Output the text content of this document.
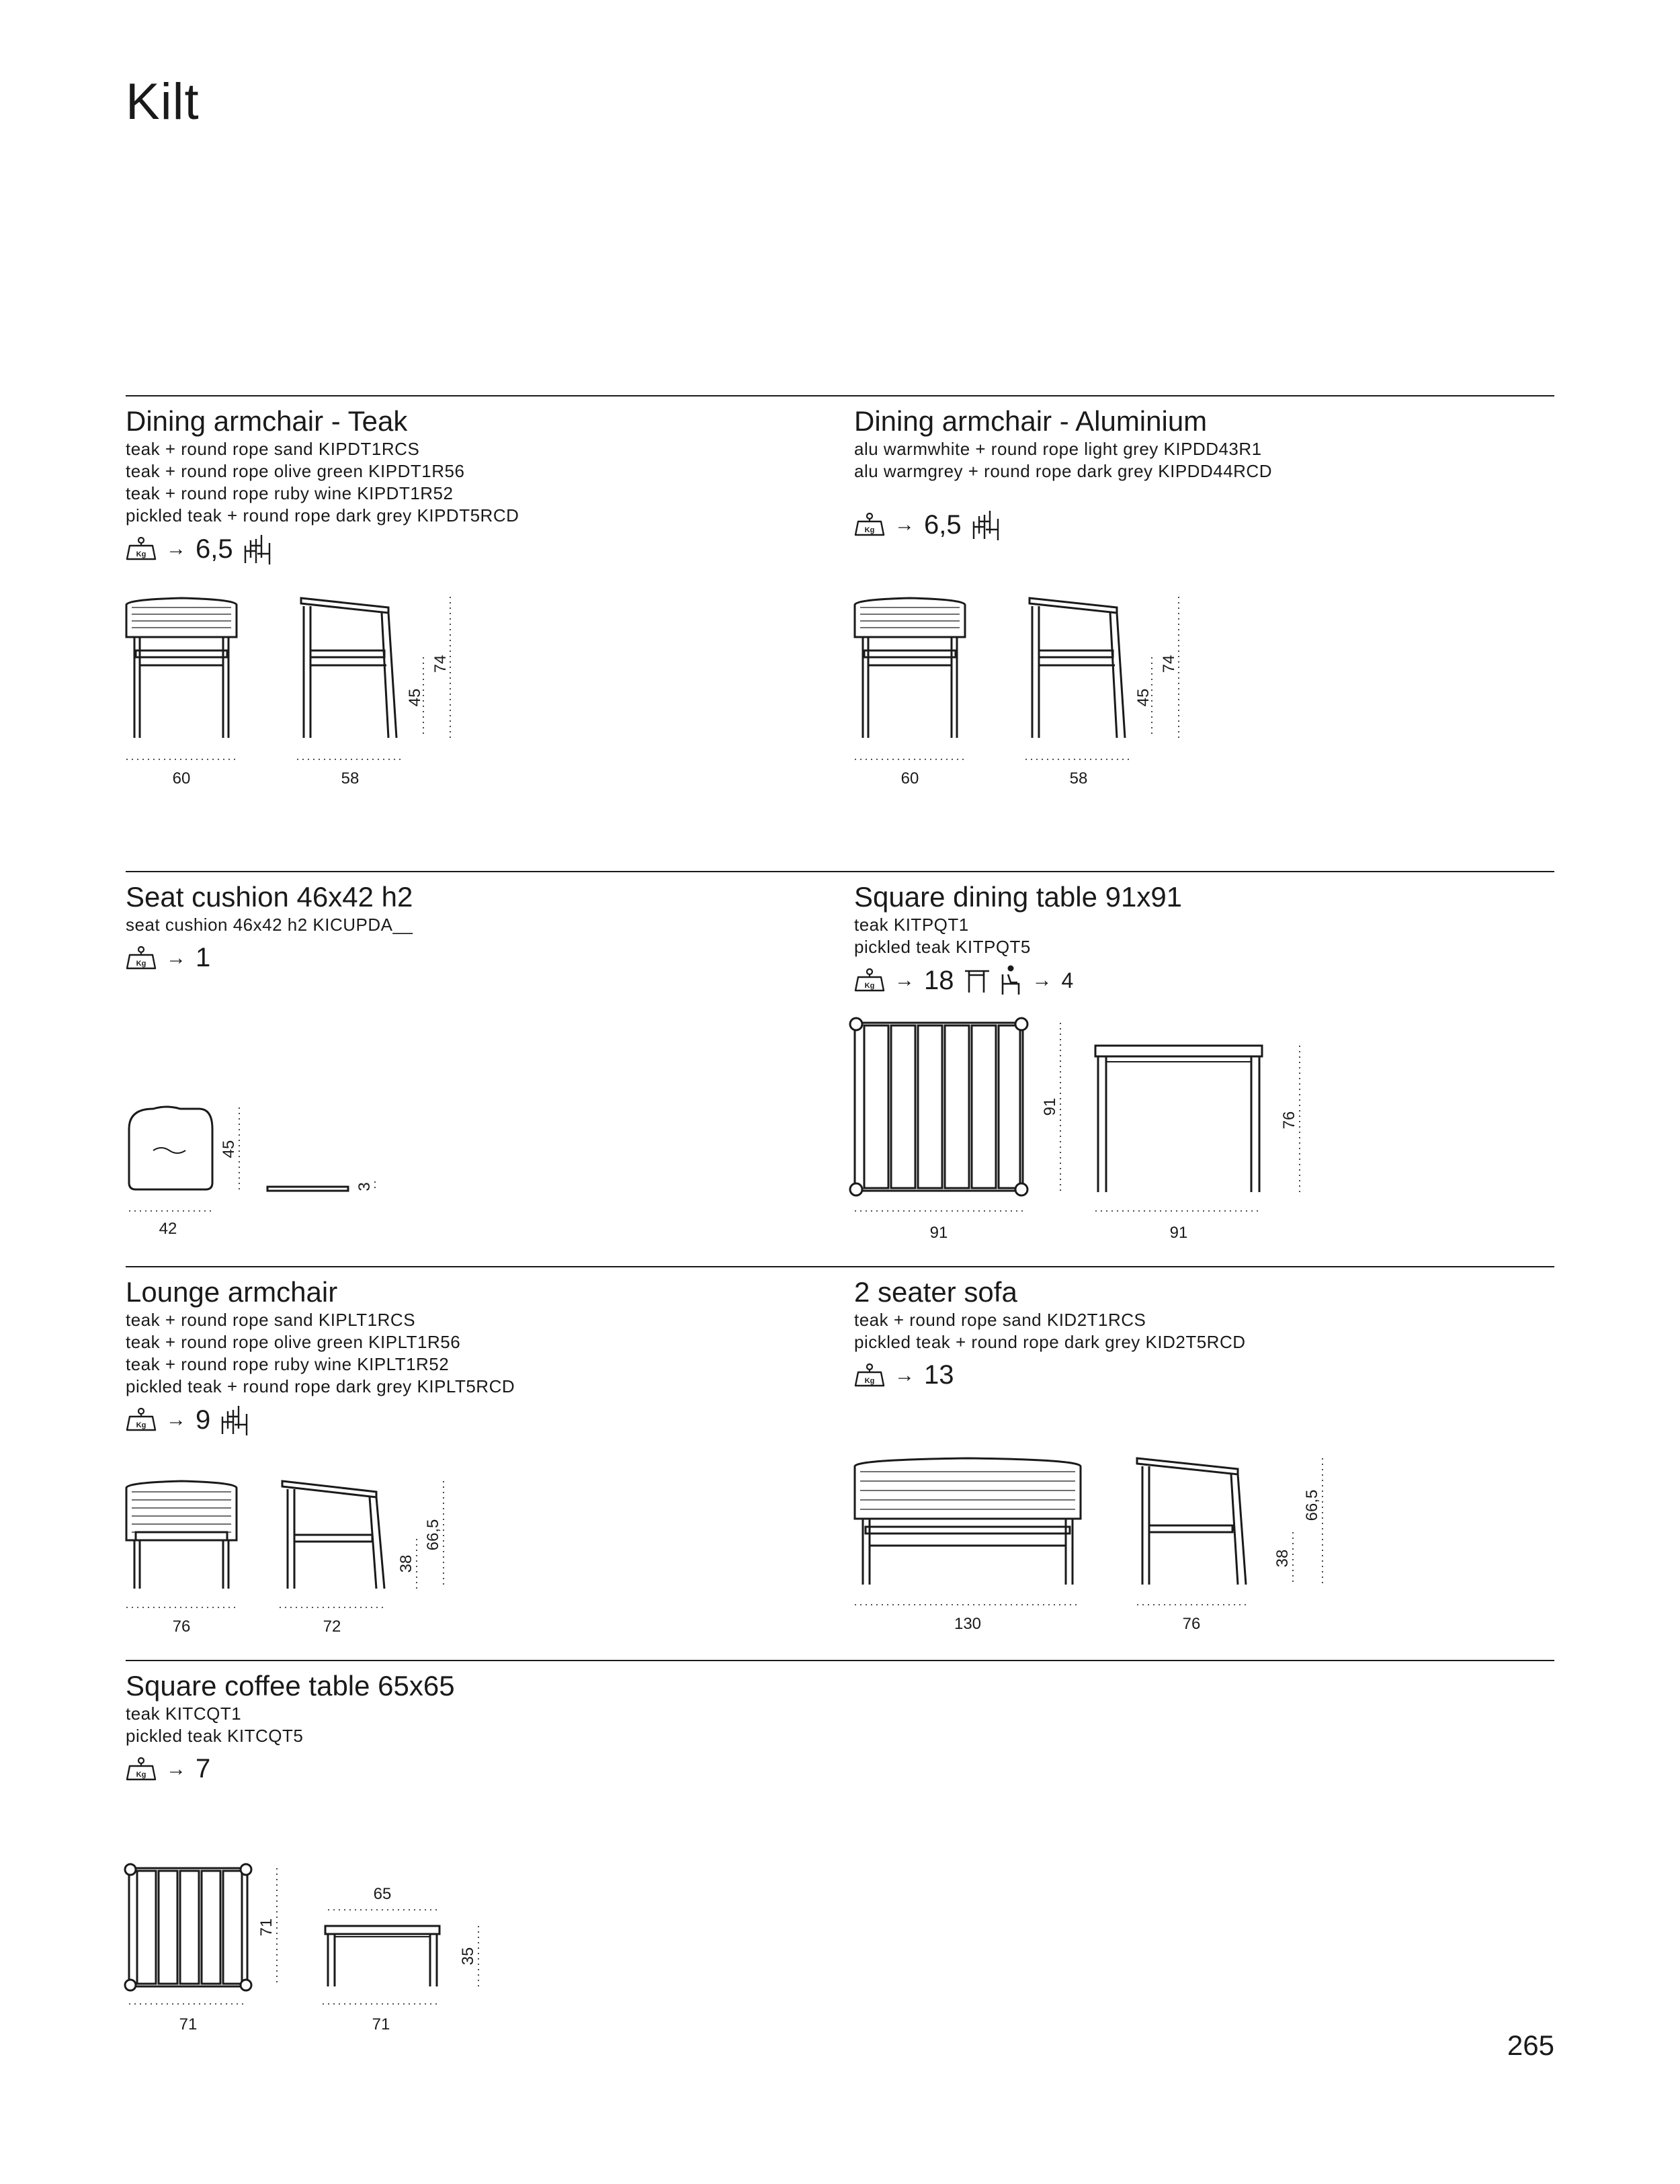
Kilt
Dining armchair - Teak
teak + round rope sand KIPDT1RCS
teak + round rope olive green KIPDT1R56
teak + round rope ruby wine KIPDT1R52
pickled teak + round rope dark grey KIPDT5RCD
→ 6,5
60	58
45
74
Dining armchair - Aluminium
alu warmwhite + round rope light grey KIPDD43R1
alu warmgrey + round rope dark grey KIPDD44RCD
→ 6,5
60	58
45
74
Seat cushion 46x42 h2
seat cushion 46x42 h2 KICUPDA__
→ 1
42
45
3
Square dining table 91x91
teak KITPQT1
pickled teak KITPQT5
→ 18	→ 4
91	91
91
76
Lounge armchair
teak + round rope sand KIPLT1RCS
teak + round rope olive green KIPLT1R56
teak + round rope ruby wine KIPLT1R52
pickled teak + round rope dark grey KIPLT5RCD
→ 9
76	72
38
66,5
2 seater sofa
teak + round rope sand KID2T1RCS
pickled teak + round rope dark grey KID2T5RCD
→ 13
130	76
38
66,5
Square coffee table 65x65
teak KITCQT1
pickled teak KITCQT5
→ 7
71	71
65
71
35
265
